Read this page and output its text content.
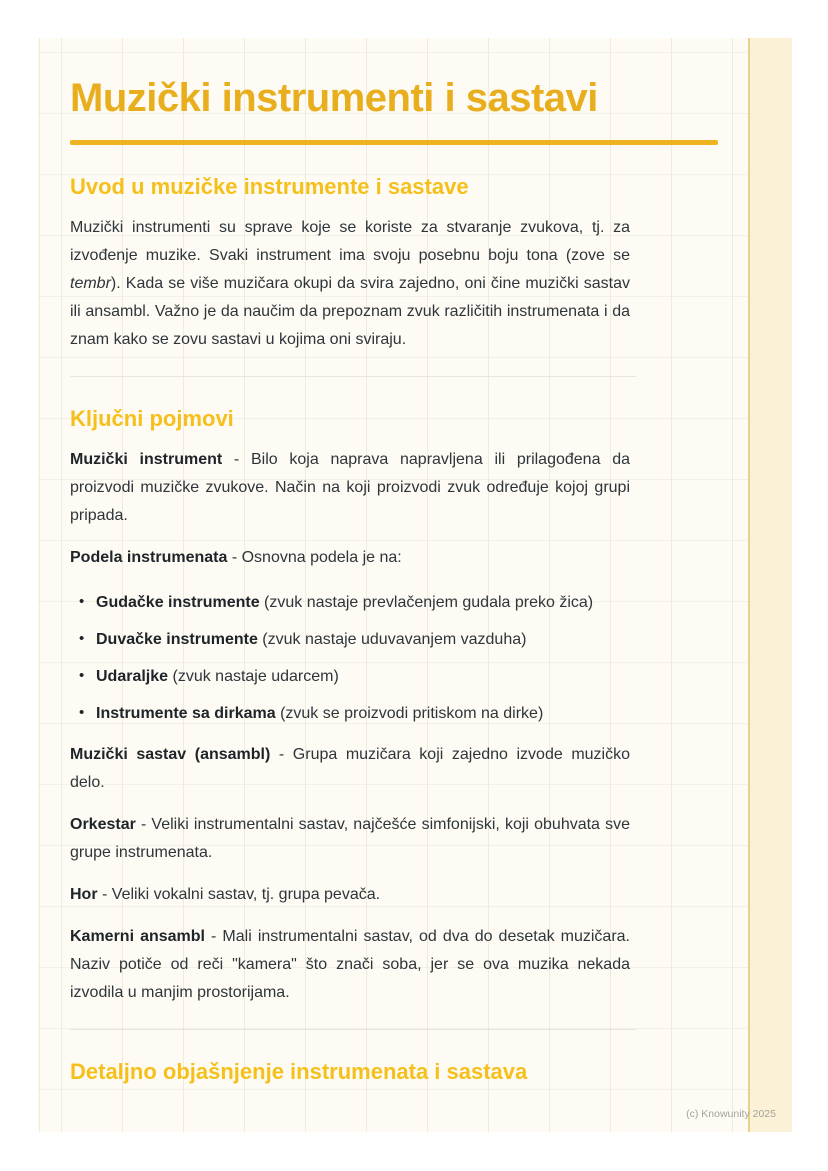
Muzički instrumenti i sastavi
Uvod u muzičke instrumente i sastave

Muzički instrumenti su sprave koje se koriste za stvaranje zvukova, tj. za izvođenje muzike. Svaki instrument ima svoju posebnu boju tona (zove se tembr). Kada se više muzičara okupi da svira zajedno, oni čine muzički sastav ili ansambl. Važno je da naučim da prepoznam zvuk različitih instrumenata i da znam kako se zovu sastavi u kojima oni sviraju.

Ključni pojmovi

Muzički instrument - Bilo koja naprava napravljena ili prilagođena da proizvodi muzičke zvukove. Način na koji proizvodi zvuk određuje kojoj grupi pripada.

Podela instrumenata - Osnovna podela je na:

• Gudačke instrumente (zvuk nastaje prevlačenjem gudala preko žica)
• Duvačke instrumente (zvuk nastaje uduvavanjem vazduha)
• Udaraljke (zvuk nastaje udarcem)
• Instrumente sa dirkama (zvuk se proizvodi pritiskom na dirke)

Muzički sastav (ansambl) - Grupa muzičara koji zajedno izvode muzičko delo.

Orkestar - Veliki instrumentalni sastav, najčešće simfonijski, koji obuhvata sve grupe instrumenata.

Hor - Veliki vokalni sastav, tj. grupa pevača.

Kamerni ansambl - Mali instrumentalni sastav, od dva do desetak muzičara. Naziv potiče od reči "kamera" što znači soba, jer se ova muzika nekada izvodila u manjim prostorijama.

Detaljno objašnjenje instrumenata i sastava
(c) Knowunity 2025
